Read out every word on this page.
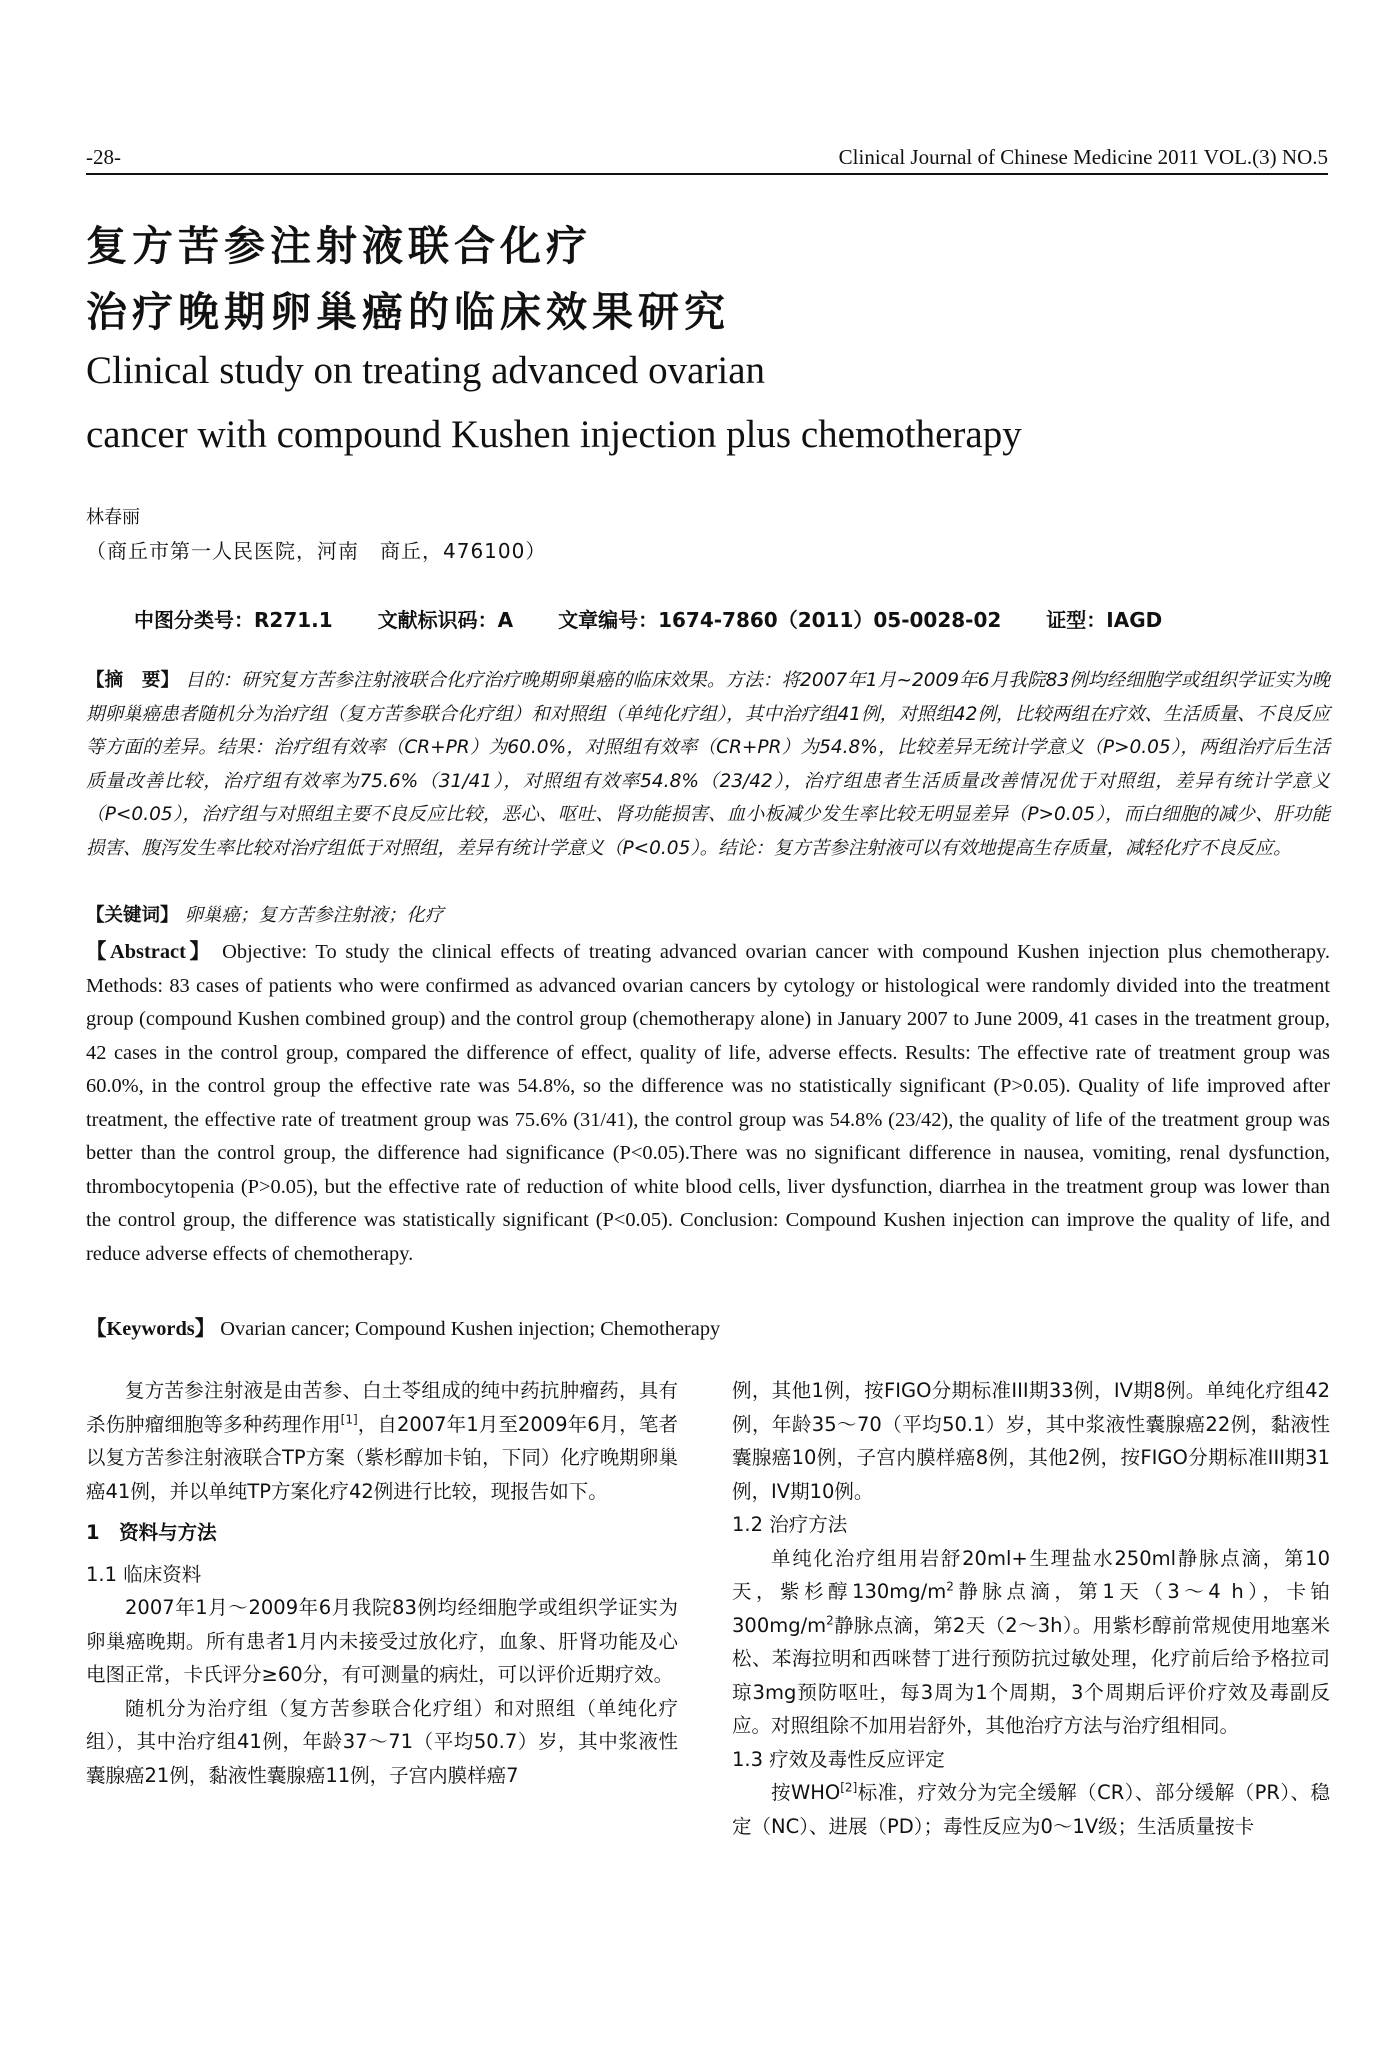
-28-	Clinical Journal of Chinese Medicine 2011 VOL.(3) NO.5
复方苦参注射液联合化疗
治疗晚期卵巢癌的临床效果研究
Clinical study on treating advanced ovarian
cancer with compound Kushen injection plus chemotherapy
林春丽
（商丘市第一人民医院，河南　商丘，476100）
中图分类号：R271.1 文献标识码：A 文章编号：1674-7860（2011）05-0028-02 证型：IAGD
【摘　要】 目的：研究复方苦参注射液联合化疗治疗晚期卵巢癌的临床效果。方法：将2007年1月~2009年6月我院83例均经细胞学或组织学证实为晚期卵巢癌患者随机分为治疗组（复方苦参联合化疗组）和对照组（单纯化疗组），其中治疗组41例，对照组42例，比较两组在疗效、生活质量、不良反应等方面的差异。结果：治疗组有效率（CR+PR）为60.0%，对照组有效率（CR+PR）为54.8%，比较差异无统计学意义（P>0.05），两组治疗后生活质量改善比较，治疗组有效率为75.6%（31/41），对照组有效率54.8%（23/42），治疗组患者生活质量改善情况优于对照组，差异有统计学意义（P<0.05），治疗组与对照组主要不良反应比较，恶心、呕吐、肾功能损害、血小板减少发生率比较无明显差异（P>0.05），而白细胞的减少、肝功能损害、腹泻发生率比较对治疗组低于对照组，差异有统计学意义（P<0.05）。结论：复方苦参注射液可以有效地提高生存质量，减轻化疗不良反应。
【关键词】 卵巢癌；复方苦参注射液；化疗
【Abstract】 Objective: To study the clinical effects of treating advanced ovarian cancer with compound Kushen injection plus chemotherapy. Methods: 83 cases of patients who were confirmed as advanced ovarian cancers by cytology or histological were randomly divided into the treatment group (compound Kushen combined group) and the control group (chemotherapy alone) in January 2007 to June 2009, 41 cases in the treatment group, 42 cases in the control group, compared the difference of effect, quality of life, adverse effects. Results: The effective rate of treatment group was 60.0%, in the control group the effective rate was 54.8%, so the difference was no statistically significant (P>0.05). Quality of life improved after treatment, the effective rate of treatment group was 75.6% (31/41), the control group was 54.8% (23/42), the quality of life of the treatment group was better than the control group, the difference had significance (P<0.05).There was no significant difference in nausea, vomiting, renal dysfunction, thrombocytopenia (P>0.05), but the effective rate of reduction of white blood cells, liver dysfunction, diarrhea in the treatment group was lower than the control group, the difference was statistically significant (P<0.05). Conclusion: Compound Kushen injection can improve the quality of life, and reduce adverse effects of chemotherapy.
【Keywords】 Ovarian cancer; Compound Kushen injection; Chemotherapy

复方苦参注射液是由苦参、白土苓组成的纯中药抗肿瘤药，具有杀伤肿瘤细胞等多种药理作用[1]，自2007年1月至2009年6月，笔者以复方苦参注射液联合TP方案（紫杉醇加卡铂，下同）化疗晚期卵巢癌41例，并以单纯TP方案化疗42例进行比较，现报告如下。

1　资料与方法
1.1 临床资料

2007年1月～2009年6月我院83例均经细胞学或组织学证实为卵巢癌晚期。所有患者1月内未接受过放化疗，血象、肝肾功能及心电图正常，卡氏评分≥60分，有可测量的病灶，可以评价近期疗效。

随机分为治疗组（复方苦参联合化疗组）和对照组（单纯化疗组），其中治疗组41例，年龄37～71（平均50.7）岁，其中浆液性囊腺癌21例，黏液性囊腺癌11例，子宫内膜样癌7

例，其他1例，按FIGO分期标准III期33例，IV期8例。单纯化疗组42例，年龄35～70（平均50.1）岁，其中浆液性囊腺癌22例，黏液性囊腺癌10例，子宫内膜样癌8例，其他2例，按FIGO分期标准III期31例，IV期10例。

1.2 治疗方法

单纯化治疗组用岩舒20ml+生理盐水250ml静脉点滴，第10天，紫杉醇$130mg/m^2$静脉点滴，第1天（3～4 h），卡铂$300mg/m^2$静脉点滴，第2天（2～3h）。用紫杉醇前常规使用地塞米松、苯海拉明和西咪替丁进行预防抗过敏处理，化疗前后给予格拉司琼3mg预防呕吐，每3周为1个周期，3个周期后评价疗效及毒副反应。对照组除不加用岩舒外，其他治疗方法与治疗组相同。

1.3 疗效及毒性反应评定

按WHO[2]标准，疗效分为完全缓解（CR）、部分缓解（PR）、稳定（NC）、进展（PD）；毒性反应为0～1V级；生活质量按卡
